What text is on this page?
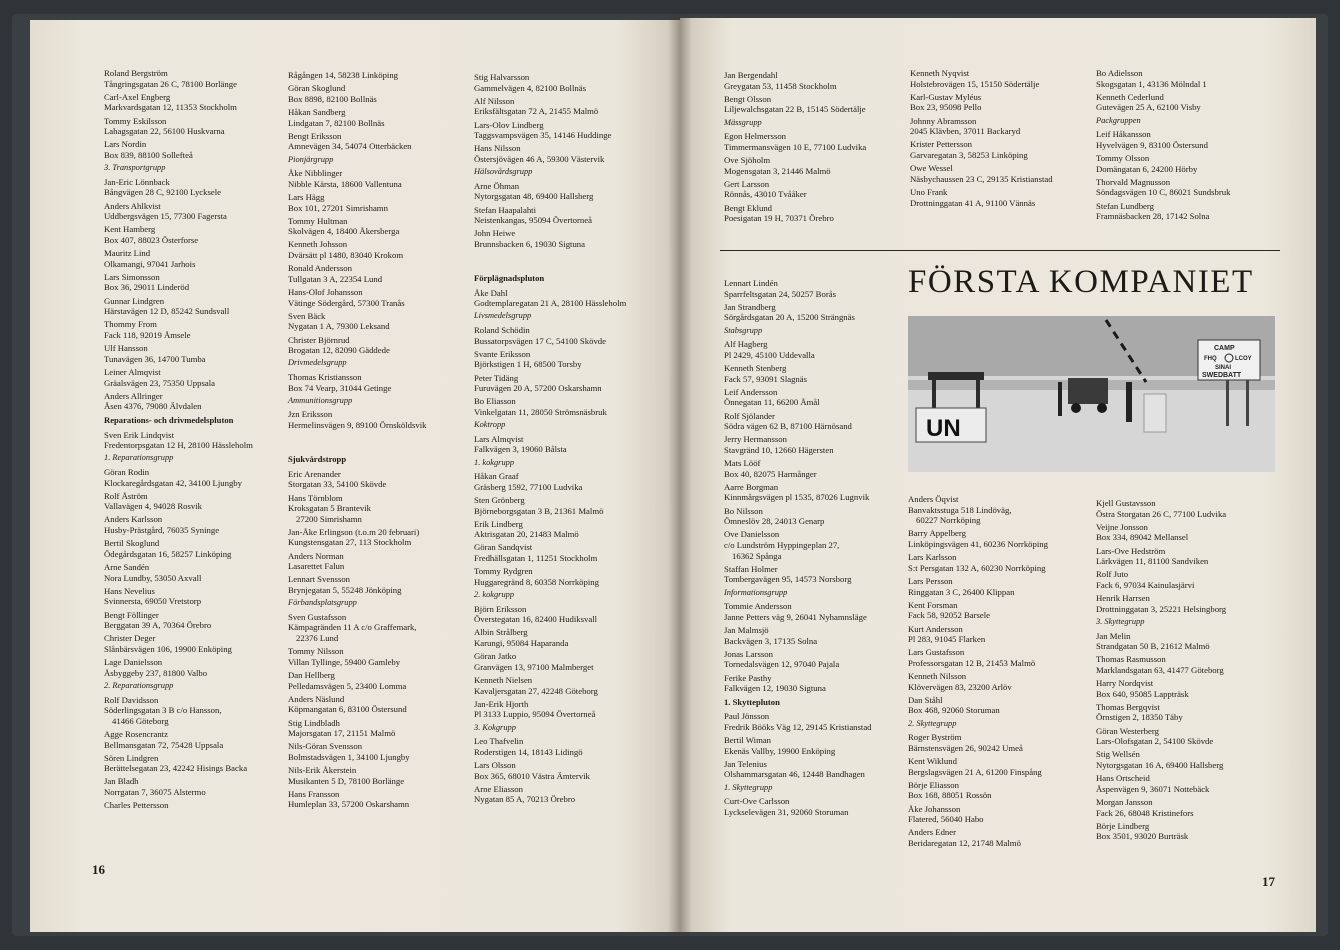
Roland Bergström
Tångringsgatan 26 C, 78100 Borlänge
Carl-Axel Engberg
Markvardsgatan 12, 11353 Stockholm
Tommy Eskilsson
Lahagsgatan 22, 56100 Huskvarna
Lars Nordin
Box 839, 88100 Sollefteå
3. Transportgrupp
Jan-Eric Lönnback
Bångvägen 28 C, 92100 Lycksele
Anders Ahlkvist
Uddbergsvägen 15, 77300 Fagersta
Kent Hamberg
Box 407, 88023 Österforse
Mauritz Lind
Olkamangi, 97041 Jarhois
Lars Simonsson
Box 36, 29011 Linderöd
Gunnar Lindgren
Härstavägen 12 D, 85242 Sundsvall
Thommy From
Fack 118, 92019 Åmsele
Ulf Hansson
Tunavägen 36, 14700 Tumba
Leiner Almqvist
Gräalsvägen 23, 75350 Uppsala
Anders Allringer
Åsen 4376, 79080 Älvdalen
Reparations- och drivmedelspluton
Sven Erik Lindqvist
Fredentorpsgatan 12 H, 28100 Hässleholm
1. Reparationsgrupp
Göran Rodin
Klockaregårdsgatan 42, 34100 Ljungby
Rolf Åström
Vallavägen 4, 94028 Rosvik
Anders Karlsson
Husby-Prästgård, 76035 Syninge
Bertil Skoglund
Ödegårdsgatan 16, 58257 Linköping
Arne Sandén
Nora Lundby, 53050 Axvall
Hans Nevelius
Svinnersta, 69050 Vretstorp
Bengt Föllinger
Berggatan 39 A, 70364 Örebro
Christer Deger
Slånbärsvägen 106, 19900 Enköping
Lage Danielsson
Åsbyggeby 237, 81800 Valbo
2. Reparationsgrupp
Rolf Davidsson
Söderlingsgatan 3 B c/o Hansson,
41466 Göteborg
Agge Rosencrantz
Bellmansgatan 72, 75428 Uppsala
Sören Lindgren
Berättelsegatan 23, 42242 Hisings Backa
Jan Bladh
Norrgatan 7, 36075 Alstermo
Charles Pettersson
Rågången 14, 58238 Linköping
Göran Skoglund
Box 8898, 82100 Bollnäs
Håkan Sandberg
Lindgatan 7, 82100 Bollnäs
Bengt Eriksson
Amnevägen 34, 54074 Otterbäcken
Pionjärgrupp
Åke Nibblinger
Nibble Kärsta, 18600 Vallentuna
Lars Hägg
Box 101, 27201 Simrishamn
Tommy Hultman
Skolvägen 4, 18400 Åkersberga
Kenneth Johsson
Dvärsätt pl 1480, 83040 Krokom
Ronald Andersson
Tullgatan 3 A, 22354 Lund
Hans-Olof Johansson
Vätinge Södergård, 57300 Tranås
Sven Bäck
Nygatan 1 A, 79300 Leksand
Christer Björnrud
Brogatan 12, 82090 Gäddede
Drivmedelsgrupp
Thomas Kristiansson
Box 74 Vearp, 31044 Getinge
Ammunitionsgrupp
Jzn Eriksson
Hermelinsvägen 9, 89100 Örnsköldsvik
Sjukvårdstropp
Eric Arenander
Storgatan 33, 54100 Skövde
Hans Törnblom
Kroksgatan 5 Brantevik
27200 Simrishamn
Jan-Åke Erlingson (t.o.m 20 februari)
Kungstensgatan 27, 113 Stockholm
Anders Norman
Lasarettet Falun
Lennart Svensson
Brynjegatan 5, 55248 Jönköping
Förbandsplatsgrupp
Sven Gustafsson
Kämpagränden 11 A c/o Graffemark,
22376 Lund
Tommy Nilsson
Villan Tyllinge, 59400 Gamleby
Dan Hellberg
Pelledamsvägen 5, 23400 Lomma
Anders Näslund
Köpmangatan 6, 83100 Östersund
Stig Lindbladh
Majorsgatan 17, 21151 Malmö
Nils-Göran Svensson
Bolmstadsvägen 1, 34100 Ljungby
Nils-Erik Åkerstein
Musikanten 5 D, 78100 Borlänge
Hans Fransson
Humleplan 33, 57200 Oskarshamn
Stig Halvarsson
Gammelvägen 4, 82100 Bollnäs
Alf Nilsson
Eriksfältsgatan 72 A, 21455 Malmö
Lars-Olov Lindberg
Taggsvampsvägen 35, 14146 Huddinge
Hans Nilsson
Östersjövägen 46 A, 59300 Västervik
Hälsovårdsgrupp
Arne Öhman
Nytorgsgatan 48, 69400 Hallsberg
Stefan Haapalahti
Neistenkangas, 95094 Övertorneå
John Heiwe
Brunnsbacken 6, 19030 Sigtuna
Förplägnadspluton
Åke Dahl
Godtemplaregatan 21 A, 28100 Hässleholm
Livsmedelsgrupp
Roland Schödin
Bussatorpsvägen 17 C, 54100 Skövde
Svante Eriksson
Björkstigen 1 H, 68500 Torsby
Peter Tidäng
Furuvägen 20 A, 57200 Oskarshamn
Bo Eliasson
Vinkelgatan 11, 28050 Strömsnäsbruk
Koktropp
Lars Almqvist
Falkvägen 3, 19060 Bålsta
1. kokgrupp
Håkan Graaf
Gräsberg 1592, 77100 Ludvika
Sten Grönberg
Björneborgsgatan 3 B, 21361 Malmö
Erik Lindberg
Aktrisgatan 20, 21483 Malmö
Göran Sandqvist
Fredhällsgatan 1, 11251 Stockholm
Tommy Rydgren
Huggaregränd 8, 60358 Norrköping
2. kokgrupp
Björn Eriksson
Överstegatan 16, 82400 Hudiksvall
Albin Strålberg
Karungi, 95084 Haparanda
Göran Jatko
Granvägen 13, 97100 Malmberget
Kenneth Nielsen
Kavaljersgatan 27, 42248 Göteborg
Jan-Erik Hjorth
Pl 3133 Luppio, 95094 Övertorneå
3. Kokgrupp
Leo Thafvelin
Roderstigen 14, 18143 Lidingö
Lars Olsson
Box 365, 68010 Västra Ämtervik
Arne Eliasson
Nygatan 85 A, 70213 Örebro
16
Jan Bergendahl
Greygatan 53, 11458 Stockholm
Bengt Olsson
Liljewalchsgatan 22 B, 15145 Södertälje
Mässgrupp
Egon Helmersson
Timmermansvägen 10 E, 77100 Ludvika
Ove Sjöholm
Mogensgatan 3, 21446 Malmö
Gert Larsson
Rönnås, 43010 Tvååker
Bengt Eklund
Poesigatan 19 H, 70371 Örebro
Kenneth Nyqvist
Holstebrovägen 15, 15150 Södertälje
Karl-Gustav Myléus
Box 23, 95098 Pello
Johnny Abramsson
2045 Klävben, 37011 Backaryd
Krister Pettersson
Garvaregatan 3, 58253 Linköping
Owe Wessel
Näsbychaussen 23 C, 29135 Kristianstad
Uno Frank
Drottninggatan 41 A, 91100 Vännäs
Bo Adielsson
Skogsgatan 1, 43136 Mölndal 1
Kenneth Cederlund
Gutevägen 25 A, 62100 Visby
Packgruppen
Leif Håkansson
Hyvelvägen 9, 83100 Östersund
Tommy Olsson
Domängatan 6, 24200 Hörby
Thorvald Magnusson
Söndagsvägen 10 C, 86021 Sundsbruk
Stefan Lundberg
Framnäsbacken 28, 17142 Solna
FÖRSTA KOMPANIET
UN
CAMP
FHQ	LCOY
SINAI
SWEDBATT
Lennart Lindén
Sparrfeltsgatan 24, 50257 Borås
Jan Strandberg
Sörgårdsgatan 20 A, 15200 Strängnäs
Stabsgrupp
Alf Hagberg
Pl 2429, 45100 Uddevalla
Kenneth Stenberg
Fack 57, 93091 Slagnäs
Leif Andersson
Önnegatan 11, 66200 Åmål
Rolf Sjölander
Södra vägen 62 B, 87100 Härnösand
Jerry Hermansson
Stavgränd 10, 12660 Hägersten
Mats Lööf
Box 40, 82075 Harmånger
Aarre Borgman
Kinnmårgsvägen pl 1535, 87026 Lugnvik
Bo Nilsson
Ömneslöv 28, 24013 Genarp
Ove Danielsson
c/o Lundström Hyppingeplan 27,
16362 Spånga
Staffan Holmer
Tombergavägen 95, 14573 Norsborg
Informationsgrupp
Tommie Andersson
Janne Petters väg 9, 26041 Nyhamnsläge
Jan Malmsjö
Backvägen 3, 17135 Solna
Jonas Larsson
Tornedalsvägen 12, 97040 Pajala
Ferike Pasthy
Falkvägen 12, 19030 Sigtuna
1. Skyttepluton
Paul Jönsson
Fredrik Bööks Väg 12, 29145 Kristianstad
Bertil Wiman
Ekenäs Vallby, 19900 Enköping
Jan Telenius
Olshammarsgatan 46, 12448 Bandhagen
1. Skyttegrupp
Curt-Ove Carlsson
Lyckselevägen 31, 92060 Storuman
Anders Öqvist
Banvaktsstuga 518 Lindöväg,
60227 Norrköping
Barry Appelberg
Linköpingsvägen 41, 60236 Norrköping
Lars Karlsson
S:t Persgatan 132 A, 60230 Norrköping
Lars Persson
Ringgatan 3 C, 26400 Klippan
Kent Forsman
Fack 58, 92052 Barsele
Kurt Andersson
Pl 283, 91045 Flarken
Lars Gustafsson
Professorsgatan 12 B, 21453 Malmö
Kenneth Nilsson
Klövervägen 83, 23200 Arlöv
Dan Ståhl
Box 468, 92060 Storuman
2. Skyttegrupp
Roger Byström
Bärnstensvägen 26, 90242 Umeå
Kent Wiklund
Bergslagsvägen 21 A, 61200 Finspång
Börje Eliasson
Box 168, 88051 Rossön
Åke Johansson
Flatered, 56040 Habo
Anders Edner
Beridaregatan 12, 21748 Malmö
Kjell Gustavsson
Östra Storgatan 26 C, 77100 Ludvika
Veijne Jonsson
Box 334, 89042 Mellansel
Lars-Ove Hedström
Lärkvägen 11, 81100 Sandviken
Rolf Juto
Fack 6, 97034 Kainulasjärvi
Henrik Harrsen
Drottninggatan 3, 25221 Helsingborg
3. Skyttegrupp
Jan Melin
Strandgatan 50 B, 21612 Malmö
Thomas Rasmusson
Marklandsgatan 63, 41477 Göteborg
Harry Nordqvist
Box 640, 95085 Lappträsk
Thomas Bergqvist
Örnstigen 2, 18350 Täby
Göran Westerberg
Lars-Olofsgatan 2, 54100 Skövde
Stig Wellsén
Nytorgsgatan 16 A, 69400 Hallsberg
Hans Ortscheid
Åspenvägen 9, 36071 Nottebäck
Morgan Jansson
Fack 26, 68048 Kristinefors
Börje Lindberg
Box 3501, 93020 Burträsk
17
